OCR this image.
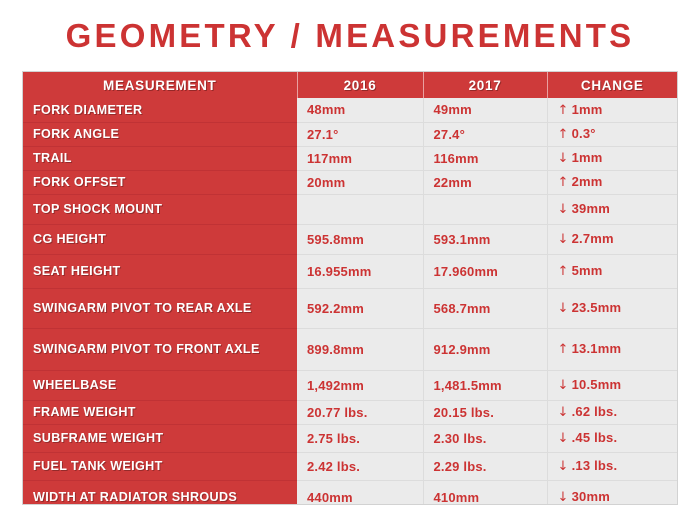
GEOMETRY / MEASUREMENTS
MEASUREMENT	2016	2017	CHANGE
FORK DIAMETER	48mm	49mm	↑ 1mm
FORK ANGLE	27.1°	27.4°	↑ 0.3°
TRAIL	117mm	116mm	↓ 1mm
FORK OFFSET	20mm	22mm	↑ 2mm
TOP SHOCK MOUNT			↓ 39mm
CG HEIGHT	595.8mm	593.1mm	↓ 2.7mm
SEAT HEIGHT	16.955mm	17.960mm	↑ 5mm
SWINGARM PIVOT TO REAR AXLE	592.2mm	568.7mm	↓ 23.5mm
SWINGARM PIVOT TO FRONT AXLE	899.8mm	912.9mm	↑ 13.1mm
WHEELBASE	1,492mm	1,481.5mm	↓ 10.5mm
FRAME WEIGHT	20.77 lbs.	20.15 lbs.	↓ .62 lbs.
SUBFRAME WEIGHT	2.75 lbs.	2.30 lbs.	↓ .45 lbs.
FUEL TANK WEIGHT	2.42 lbs.	2.29 lbs.	↓ .13 lbs.
WIDTH AT RADIATOR SHROUDS	440mm	410mm	↓ 30mm
